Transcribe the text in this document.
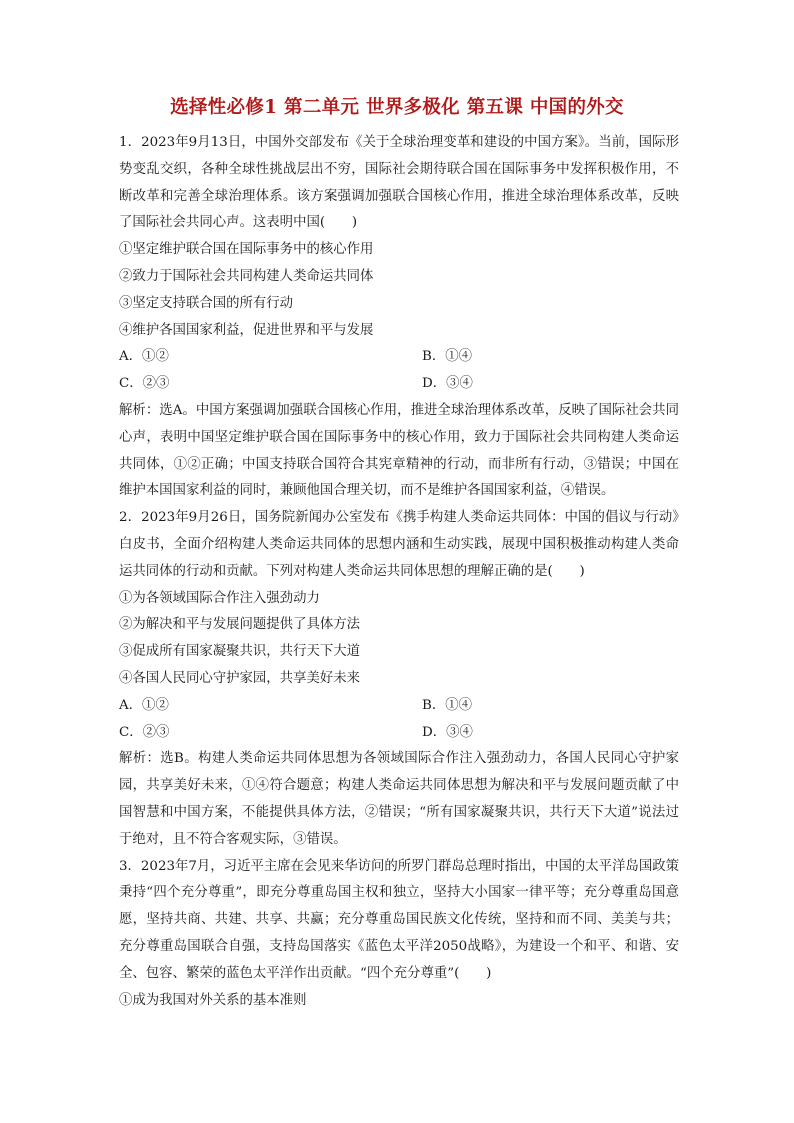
选择性必修1 第二单元 世界多极化 第五课 中国的外交
1．2023年9月13日，中国外交部发布《关于全球治理变革和建设的中国方案》。当前，国际形势变乱交织，各种全球性挑战层出不穷，国际社会期待联合国在国际事务中发挥积极作用，不断改革和完善全球治理体系。该方案强调加强联合国核心作用，推进全球治理体系改革，反映了国际社会共同心声。这表明中国(　　)
①坚定维护联合国在国际事务中的核心作用
②致力于国际社会共同构建人类命运共同体
③坚定支持联合国的所有行动
④维护各国国家利益，促进世界和平与发展
A．①②	B．①④
C．②③	D．③④
解析：选A。中国方案强调加强联合国核心作用，推进全球治理体系改革，反映了国际社会共同心声，表明中国坚定维护联合国在国际事务中的核心作用，致力于国际社会共同构建人类命运共同体，①②正确；中国支持联合国符合其宪章精神的行动，而非所有行动，③错误；中国在维护本国国家利益的同时，兼顾他国合理关切，而不是维护各国国家利益，④错误。
2．2023年9月26日，国务院新闻办公室发布《携手构建人类命运共同体：中国的倡议与行动》白皮书，全面介绍构建人类命运共同体的思想内涵和生动实践，展现中国积极推动构建人类命运共同体的行动和贡献。下列对构建人类命运共同体思想的理解正确的是(　　)
①为各领域国际合作注入强劲动力
②为解决和平与发展问题提供了具体方法
③促成所有国家凝聚共识，共行天下大道
④各国人民同心守护家园，共享美好未来
A．①②	B．①④
C．②③	D．③④
解析：选B。构建人类命运共同体思想为各领域国际合作注入强劲动力，各国人民同心守护家园，共享美好未来，①④符合题意；构建人类命运共同体思想为解决和平与发展问题贡献了中国智慧和中国方案，不能提供具体方法，②错误；“所有国家凝聚共识，共行天下大道”说法过于绝对，且不符合客观实际，③错误。
3．2023年7月，习近平主席在会见来华访问的所罗门群岛总理时指出，中国的太平洋岛国政策秉持“四个充分尊重”，即充分尊重岛国主权和独立，坚持大小国家一律平等；充分尊重岛国意愿，坚持共商、共建、共享、共赢；充分尊重岛国民族文化传统，坚持和而不同、美美与共；充分尊重岛国联合自强，支持岛国落实《蓝色太平洋2050战略》，为建设一个和平、和谐、安全、包容、繁荣的蓝色太平洋作出贡献。“四个充分尊重”(　　)
①成为我国对外关系的基本准则
